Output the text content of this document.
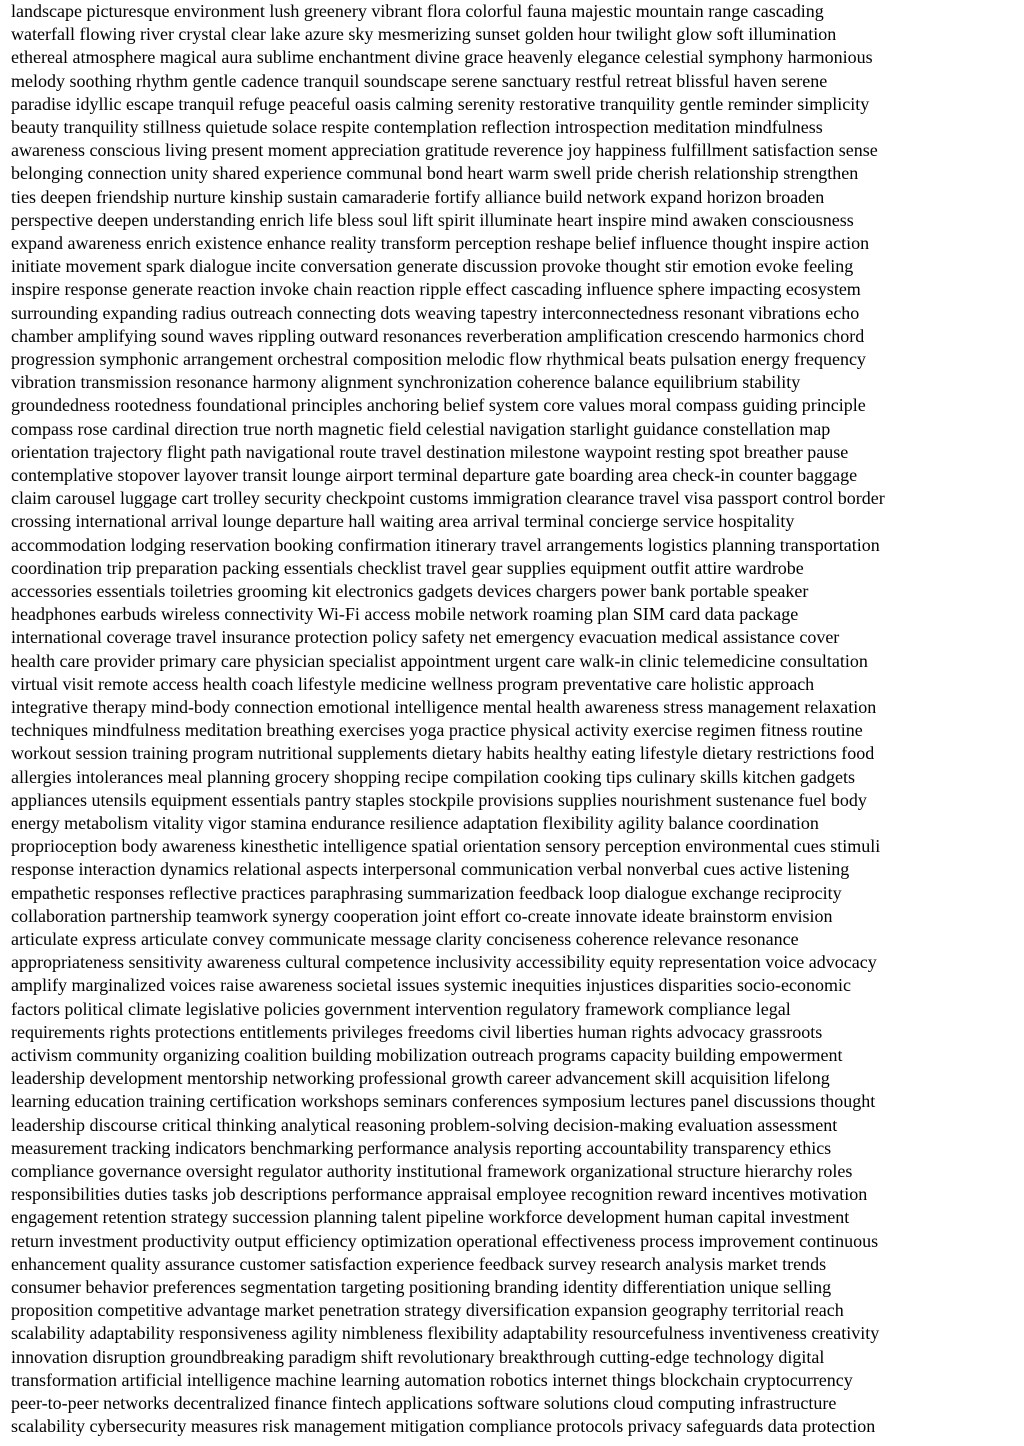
landscape picturesque environment lush greenery vibrant flora colorful fauna majestic mountain range cascading
waterfall flowing river crystal clear lake azure sky mesmerizing sunset golden hour twilight glow soft illumination
ethereal atmosphere magical aura sublime enchantment divine grace heavenly elegance celestial symphony harmonious
melody soothing rhythm gentle cadence tranquil soundscape serene sanctuary restful retreat blissful haven serene
paradise idyllic escape tranquil refuge peaceful oasis calming serenity restorative tranquility gentle reminder simplicity
beauty tranquility stillness quietude solace respite contemplation reflection introspection meditation mindfulness
awareness conscious living present moment appreciation gratitude reverence joy happiness fulfillment satisfaction sense
belonging connection unity shared experience communal bond heart warm swell pride cherish relationship strengthen
ties deepen friendship nurture kinship sustain camaraderie fortify alliance build network expand horizon broaden
perspective deepen understanding enrich life bless soul lift spirit illuminate heart inspire mind awaken consciousness
expand awareness enrich existence enhance reality transform perception reshape belief influence thought inspire action
initiate movement spark dialogue incite conversation generate discussion provoke thought stir emotion evoke feeling
inspire response generate reaction invoke chain reaction ripple effect cascading influence sphere impacting ecosystem
surrounding expanding radius outreach connecting dots weaving tapestry interconnectedness resonant vibrations echo
chamber amplifying sound waves rippling outward resonances reverberation amplification crescendo harmonics chord
progression symphonic arrangement orchestral composition melodic flow rhythmical beats pulsation energy frequency
vibration transmission resonance harmony alignment synchronization coherence balance equilibrium stability
groundedness rootedness foundational principles anchoring belief system core values moral compass guiding principle
compass rose cardinal direction true north magnetic field celestial navigation starlight guidance constellation map
orientation trajectory flight path navigational route travel destination milestone waypoint resting spot breather pause
contemplative stopover layover transit lounge airport terminal departure gate boarding area check-in counter baggage
claim carousel luggage cart trolley security checkpoint customs immigration clearance travel visa passport control border
crossing international arrival lounge departure hall waiting area arrival terminal concierge service hospitality
accommodation lodging reservation booking confirmation itinerary travel arrangements logistics planning transportation
coordination trip preparation packing essentials checklist travel gear supplies equipment outfit attire wardrobe
accessories essentials toiletries grooming kit electronics gadgets devices chargers power bank portable speaker
headphones earbuds wireless connectivity Wi-Fi access mobile network roaming plan SIM card data package
international coverage travel insurance protection policy safety net emergency evacuation medical assistance cover
health care provider primary care physician specialist appointment urgent care walk-in clinic telemedicine consultation
virtual visit remote access health coach lifestyle medicine wellness program preventative care holistic approach
integrative therapy mind-body connection emotional intelligence mental health awareness stress management relaxation
techniques mindfulness meditation breathing exercises yoga practice physical activity exercise regimen fitness routine
workout session training program nutritional supplements dietary habits healthy eating lifestyle dietary restrictions food
allergies intolerances meal planning grocery shopping recipe compilation cooking tips culinary skills kitchen gadgets
appliances utensils equipment essentials pantry staples stockpile provisions supplies nourishment sustenance fuel body
energy metabolism vitality vigor stamina endurance resilience adaptation flexibility agility balance coordination
proprioception body awareness kinesthetic intelligence spatial orientation sensory perception environmental cues stimuli
response interaction dynamics relational aspects interpersonal communication verbal nonverbal cues active listening
empathetic responses reflective practices paraphrasing summarization feedback loop dialogue exchange reciprocity
collaboration partnership teamwork synergy cooperation joint effort co-create innovate ideate brainstorm envision
articulate express articulate convey communicate message clarity conciseness coherence relevance resonance
appropriateness sensitivity awareness cultural competence inclusivity accessibility equity representation voice advocacy
amplify marginalized voices raise awareness societal issues systemic inequities injustices disparities socio-economic
factors political climate legislative policies government intervention regulatory framework compliance legal
requirements rights protections entitlements privileges freedoms civil liberties human rights advocacy grassroots
activism community organizing coalition building mobilization outreach programs capacity building empowerment
leadership development mentorship networking professional growth career advancement skill acquisition lifelong
learning education training certification workshops seminars conferences symposium lectures panel discussions thought
leadership discourse critical thinking analytical reasoning problem-solving decision-making evaluation assessment
measurement tracking indicators benchmarking performance analysis reporting accountability transparency ethics
compliance governance oversight regulator authority institutional framework organizational structure hierarchy roles
responsibilities duties tasks job descriptions performance appraisal employee recognition reward incentives motivation
engagement retention strategy succession planning talent pipeline workforce development human capital investment
return investment productivity output efficiency optimization operational effectiveness process improvement continuous
enhancement quality assurance customer satisfaction experience feedback survey research analysis market trends
consumer behavior preferences segmentation targeting positioning branding identity differentiation unique selling
proposition competitive advantage market penetration strategy diversification expansion geography territorial reach
scalability adaptability responsiveness agility nimbleness flexibility adaptability resourcefulness inventiveness creativity
innovation disruption groundbreaking paradigm shift revolutionary breakthrough cutting-edge technology digital
transformation artificial intelligence machine learning automation robotics internet things blockchain cryptocurrency
peer-to-peer networks decentralized finance fintech applications software solutions cloud computing infrastructure
scalability cybersecurity measures risk management mitigation compliance protocols privacy safeguards data protection
